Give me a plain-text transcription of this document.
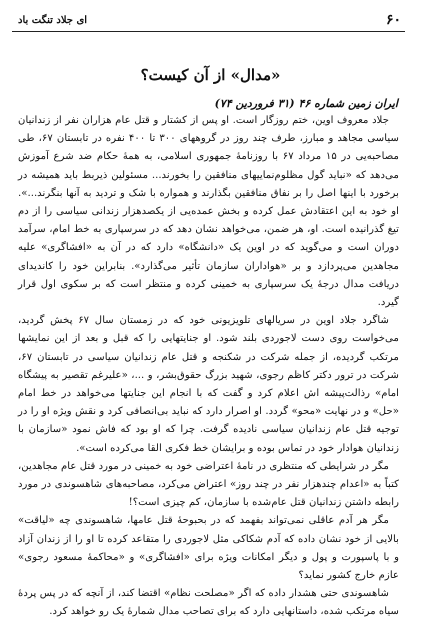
۶۰
ای جلاد تنگت باد
«مدال» از آن کیست؟
ایران زمین شماره ۴۶ (۳۱ فروردین ۷۴)

جلاد معروف اوین، ختم روزگار است. او پس از کشتار و قتل عام هزاران نفر از زندانیان سیاسی مجاهد و مبارز، طرف چند روز در گروههای ۳۰۰ تا ۴۰۰ نفره در تابستان ۶۷، طی مصاحبه‌یی در ۱۵ مرداد ۶۷ با روزنامهٔ جمهوری اسلامی، به همهٔ حکام ضد شرع آموزش می‌دهد که «نباید گول مظلوم‌نماییهای منافقین را بخورند... مسئولین ذیربط باید همیشه در برخورد با اینها اصل را بر نفاق منافقین بگذارند و همواره با شک و تردید به آنها بنگرند...». او خود به این اعتقادش عمل کرده و بخش عمده‌یی از یکصدهزار زندانی سیاسی را از دم تیغ گذرانیده است. او، هر ضمن، می‌خواهد نشان دهد که در سرسپاری به خط امام، سرآمد دوران است و می‌گوید که در اوین یک «دانشگاه» دارد که در آن به «افشاگری» علیه مجاهدین می‌پردازد و بر «هواداران سازمان تأثیر می‌گذارد». بنابراین خود را کاندیدای دریافت مدال درجهٔ یک سرسپاری به خمینی کرده و منتظر است که بر سکوی اول قرار گیرد.

شاگرد جلاد اوین در سریالهای تلویزیونی خود که در زمستان سال ۶۷ پخش گردید، می‌خواست روی دست لاجوردی بلند شود. او جنایتهایی را که قبل و بعد از این نمایشها مرتکب گردیده، از جمله شرکت در شکنجه و قتل عام زندانیان سیاسی در تابستان ۶۷، شرکت در ترور دکتر کاظم رجوی، شهید بزرگ حقوق‌بشر، و ...، «علیرغم تقصیر به پیشگاه امام» رذالت‌پیشه اش اعلام کرد و گفت که با انجام این جنایتها می‌خواهد در خط امام «حل» و در نهایت «محو» گردد. او اصرار دارد که نباید بی‌انصافی کرد و نقش ویژه او را در توجیه قتل عام زندانیان سیاسی نادیده گرفت. چرا که او بود که فاش نمود «سازمان با زندانیان هوادار خود در تماس بوده و برایشان خط فکری القا می‌کرده است».

مگر در شرایطی که منتظری در نامهٔ اعتراضی خود به خمینی در مورد قتل عام مجاهدین، کتباً به «اعدام چندهزار نفر در چند روز» اعتراض می‌کرد، مصاحبه‌های شاهسوندی در مورد رابطه داشتن زندانیان قتل عام‌شده با سازمان، کم چیزی است؟!

مگر هر آدم عاقلی نمی‌تواند بفهمد که در بحبوحهٔ قتل عامها، شاهسوندی چه «لیاقت» بالایی از خود نشان داده که آدم شکاکی مثل لاجوردی را متقاعد کرده تا او را از زندان آزاد و با پاسپورت و پول و دیگر امکانات ویژه برای «افشاگری» و «محاکمهٔ مسعود رجوی» عازم خارج کشور نماید؟

شاهسوندی حتی هشدار داده که اگر «مصلحت نظام» اقتضا کند، از آنچه که در پس پردهٔ سیاه مرتکب شده، داستانهایی دارد که برای تصاحب مدال شمارهٔ یک رو خواهد کرد.
